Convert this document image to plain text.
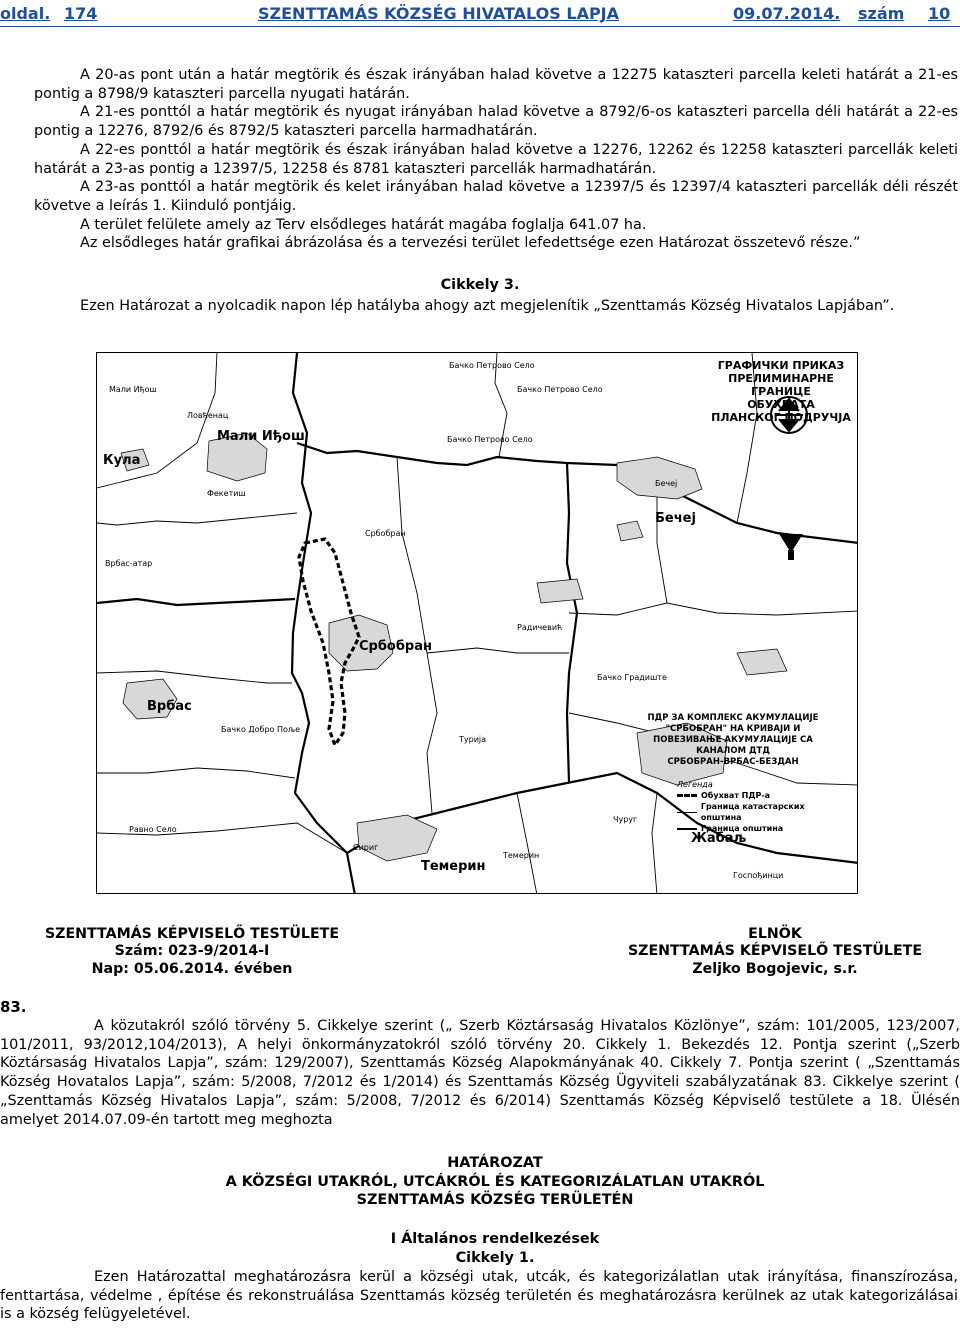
oldal. 174	SZENTTAMÁS KÖZSÉG HIVATALOS LAPJA	09.07.2014. szám 10

A 20-as pont után a határ megtörik és észak irányában halad követve a 12275 kataszteri parcella keleti határát a 21-es pontig a 8798/9 kataszteri parcella nyugati határán.

A 21-es ponttól a határ megtörik és nyugat irányában halad követve a 8792/6-os kataszteri parcella déli határát a 22-es pontig a 12276, 8792/6 és 8792/5 kataszteri parcella harmadhatárán.

A 22-es ponttól a határ megtörik és észak irányában halad követve a 12276, 12262 és 12258 kataszteri parcellák keleti határát a 23-as pontig a 12397/5, 12258 és 8781 kataszteri parcellák harmadhatárán.

A 23-as ponttól a határ megtörik és kelet irányában halad követve a 12397/5 és 12397/4 kataszteri parcellák déli részét követve a leírás 1. Kiinduló pontjáig.

A terület felülete amely az Terv elsődleges határát magába foglalja 641.07 ha.

Az elsődleges határ grafikai ábrázolása és a tervezési terület lefedettsége ezen Határozat összetevő része.”

Cikkely 3.

Ezen Határozat a nyolcadik napon lép hatályba ahogy azt megjelenítik „Szenttamás Község Hivatalos Lapjában”.

ГРАФИЧКИ ПРИКАЗ
ПРЕЛИМИНАРНЕ ГРАНИЦЕ
ОБУХВАТА
ПЛАНСКОГ ПОДРУЧЈА
ПДР ЗА КОМПЛЕКС АКУМУЛАЦИЈЕ
"СРБОБРАН" НА КРИВАЈИ И
ПОВЕЗИВАЊЕ АКУМУЛАЦИЈЕ СА
КАНАЛОМ ДТД
СРБОБРАН-ВРБАС-БЕЗДАН
Легенда
Обухват ПДР-а
Граница катастарских општина
Граница општина
Бачко Петрово Село
Мали Иђош
Ловћенац
Фекетиш
Бачко Петрово Село
Бачко Петрово Село
Врбас-атар
Србобран
Радичевић
Бачко Градиште
Бачко Добро Поље
Турија
Чуруг
Равно Село
Сириг
Темерин
Госпођинци
Бечеј
Мали Иђош
Кула
Бечеј
Србобран
Врбас
Жабаљ
Темерин
SZENTTAMÁS KÉPVISELŐ TESTÜLETE
Szám: 023-9/2014-I
Nap: 05.06.2014. évében
ELNÖK
SZENTTAMÁS KÉPVISELŐ TESTÜLETE
Zeljko Bogojevic, s.r.
83.

A közutakról szóló törvény 5. Cikkelye szerint („ Szerb Köztársaság Hivatalos Közlönye”, szám: 101/2005, 123/2007, 101/2011, 93/2012,104/2013), A helyi önkormányzatokról szóló törvény 20. Cikkely 1. Bekezdés 12. Pontja szerint („Szerb Köztársaság Hivatalos Lapja”, szám: 129/2007), Szenttamás Község Alapokmányának 40. Cikkely 7. Pontja szerint ( „Szenttamás Község Hovatalos Lapja”, szám: 5/2008, 7/2012 és 1/2014) és Szenttamás Község Ügyviteli szabályzatának 83. Cikkelye szerint ( „Szenttamás Község Hivatalos Lapja”, szám: 5/2008, 7/2012 és 6/2014) Szenttamás Község Képviselő testülete a 18. Ülésén amelyet 2014.07.09-én tartott meg meghozta

HATÁROZAT
A KÖZSÉGI UTAKRÓL, UTCÁKRÓL ÉS KATEGORIZÁLATLAN UTAKRÓL
SZENTTAMÁS KÖZSÉG TERÜLETÉN
I Általános rendelkezések
Cikkely 1.

Ezen Határozattal meghatározásra kerül a községi utak, utcák, és kategorizálatlan utak irányítása, finanszírozása, fenttartása, védelme , építése és rekonstruálása Szenttamás község területén és meghatározásra kerülnek az utak kategorizálásai is a község felügyeletével.
